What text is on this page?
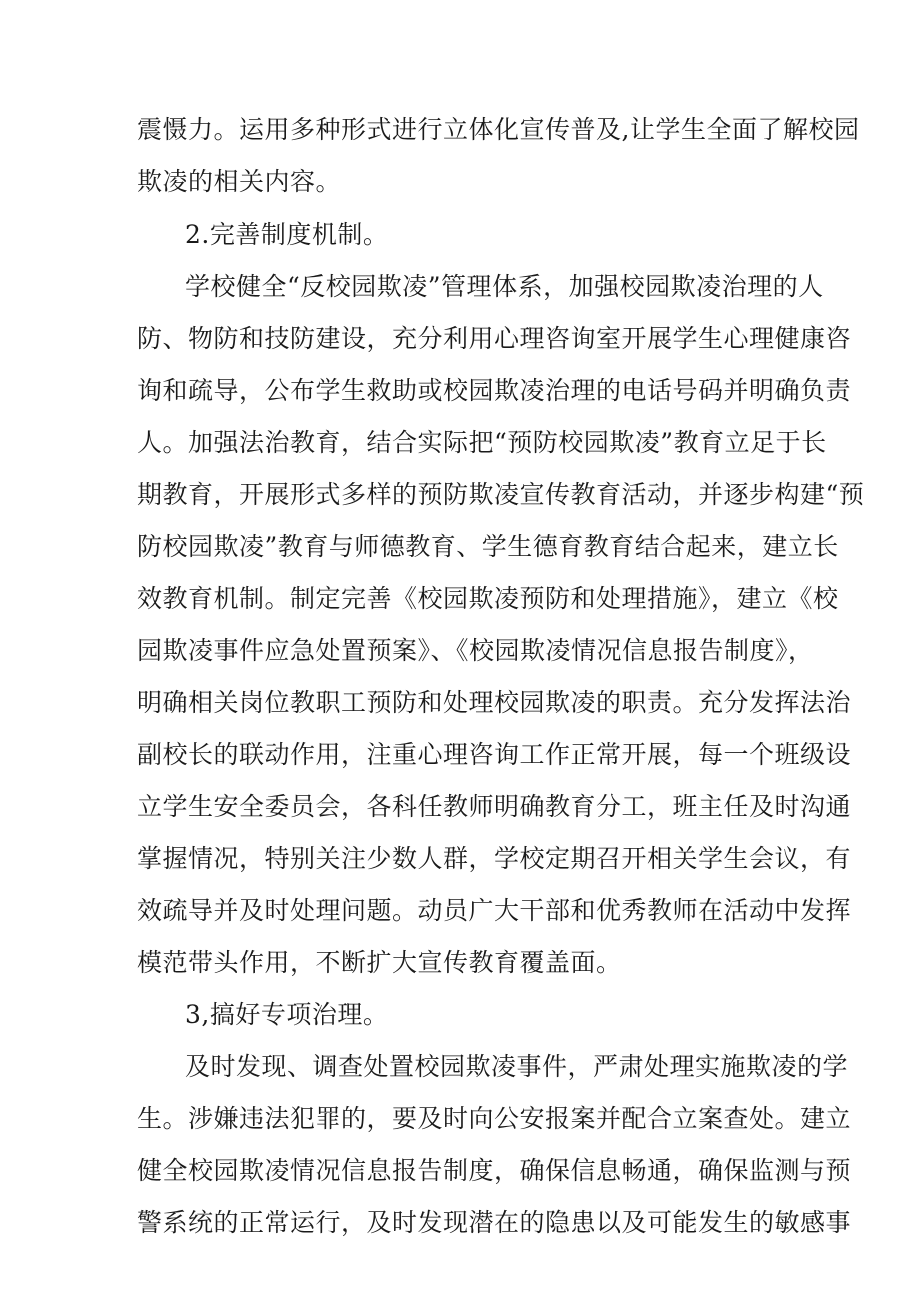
震慑力。运用多种形式进行立体化宣传普及,让学生全面了解校园
欺凌的相关内容。
2.完善制度机制。
学校健全“反校园欺凌”管理体系，加强校园欺凌治理的人
防、物防和技防建设，充分利用心理咨询室开展学生心理健康咨
询和疏导，公布学生救助或校园欺凌治理的电话号码并明确负责
人。加强法治教育，结合实际把“预防校园欺凌”教育立足于长
期教育，开展形式多样的预防欺凌宣传教育活动，并逐步构建“预
防校园欺凌”教育与师德教育、学生德育教育结合起来，建立长
效教育机制。制定完善《校园欺凌预防和处理措施》，建立《校
园欺凌事件应急处置预案》、《校园欺凌情况信息报告制度》，
明确相关岗位教职工预防和处理校园欺凌的职责。充分发挥法治
副校长的联动作用，注重心理咨询工作正常开展，每一个班级设
立学生安全委员会，各科任教师明确教育分工，班主任及时沟通
掌握情况，特别关注少数人群，学校定期召开相关学生会议，有
效疏导并及时处理问题。动员广大干部和优秀教师在活动中发挥
模范带头作用，不断扩大宣传教育覆盖面。
3,搞好专项治理。
及时发现、调查处置校园欺凌事件，严肃处理实施欺凌的学
生。涉嫌违法犯罪的，要及时向公安报案并配合立案查处。建立
健全校园欺凌情况信息报告制度，确保信息畅通，确保监测与预
警系统的正常运行，及时发现潜在的隐患以及可能发生的敏感事
